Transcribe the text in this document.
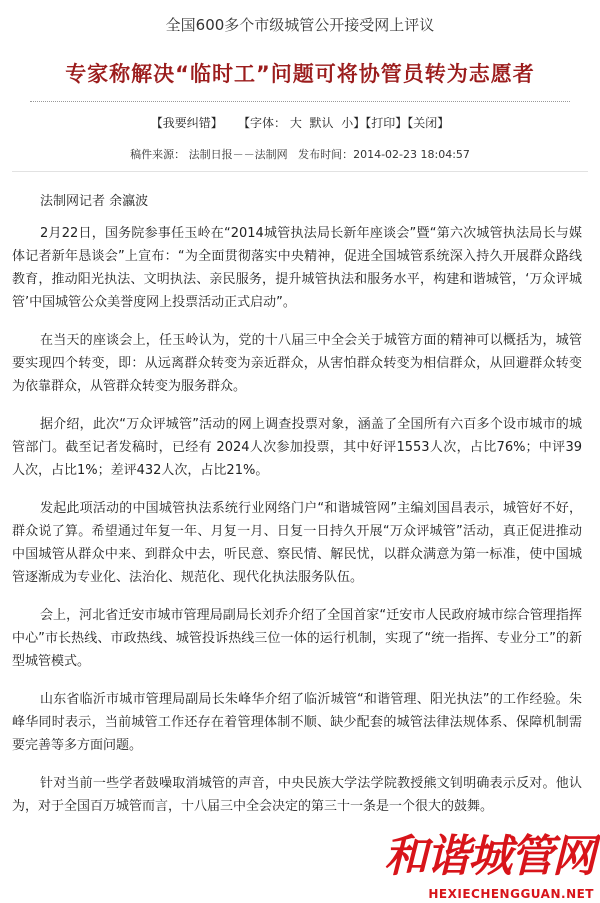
全国600多个市级城管公开接受网上评议
专家称解决“临时工”问题可将协管员转为志愿者
【我要纠错】 【字体： 大 默认 小】【打印】【关闭】
稿件来源： 法制日报－－法制网 发布时间：2014-02-23 18:04:57

法制网记者 余瀛波

2月22日，国务院参事任玉岭在“2014城管执法局长新年座谈会”暨“第六次城管执法局长与媒体记者新年恳谈会”上宣布：“为全面贯彻落实中央精神，促进全国城管系统深入持久开展群众路线教育，推动阳光执法、文明执法、亲民服务，提升城管执法和服务水平，构建和谐城管，‘万众评城管’中国城管公众美誉度网上投票活动正式启动”。

在当天的座谈会上，任玉岭认为，党的十八届三中全会关于城管方面的精神可以概括为，城管要实现四个转变，即：从远离群众转变为亲近群众，从害怕群众转变为相信群众，从回避群众转变为依靠群众，从管群众转变为服务群众。

据介绍，此次“万众评城管”活动的网上调查投票对象，涵盖了全国所有六百多个设市城市的城管部门。截至记者发稿时，已经有 2024人次参加投票，其中好评1553人次，占比76%；中评39人次，占比1%；差评432人次，占比21%。

发起此项活动的中国城管执法系统行业网络门户“和谐城管网”主编刘国昌表示，城管好不好，群众说了算。希望通过年复一年、月复一月、日复一日持久开展“万众评城管”活动，真正促进推动中国城管从群众中来、到群众中去，听民意、察民情、解民忧，以群众满意为第一标准，使中国城管逐渐成为专业化、法治化、规范化、现代化执法服务队伍。

会上，河北省迁安市城市管理局副局长刘乔介绍了全国首家“迁安市人民政府城市综合管理指挥中心”市长热线、市政热线、城管投诉热线三位一体的运行机制，实现了“统一指挥、专业分工”的新型城管模式。

山东省临沂市城市管理局副局长朱峰华介绍了临沂城管“和谐管理、阳光执法”的工作经验。朱峰华同时表示，当前城管工作还存在着管理体制不顺、缺少配套的城管法律法规体系、保障机制需要完善等多方面问题。

针对当前一些学者鼓噪取消城管的声音，中央民族大学法学院教授熊文钊明确表示反对。他认为，对于全国百万城管而言，十八届三中全会决定的第三十一条是一个很大的鼓舞。

和谐城管网
HEXIECHENGGUAN.NET
